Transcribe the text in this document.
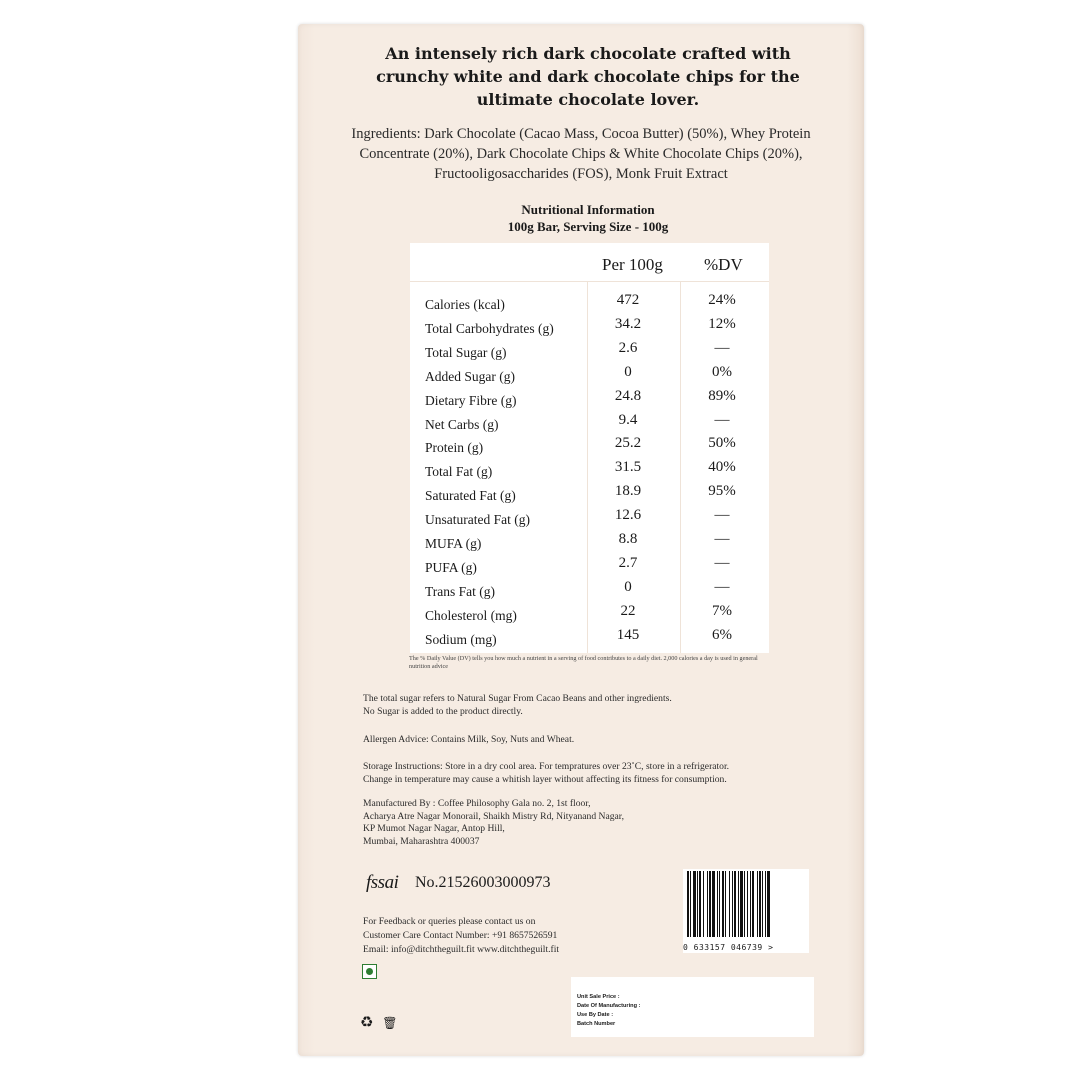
An intensely rich dark chocolate crafted with crunchy white and dark chocolate chips for the ultimate chocolate lover.
Ingredients: Dark Chocolate (Cacao Mass, Cocoa Butter) (50%), Whey Protein Concentrate (20%), Dark Chocolate Chips & White Chocolate Chips (20%), Fructooligosaccharides (FOS), Monk Fruit Extract
Nutritional Information
100g Bar, Serving Size - 100g
Per 100g %DV
Calories (kcal)	472	24%
Total Carbohydrates (g)	34.2	12%
Total Sugar (g)	2.6	—
Added Sugar (g)	0	0%
Dietary Fibre (g)	24.8	89%
Net Carbs (g)	9.4	—
Protein (g)	25.2	50%
Total Fat (g)	31.5	40%
Saturated Fat (g)	18.9	95%
Unsaturated Fat (g)	12.6	—
MUFA (g)	8.8	—
PUFA (g)	2.7	—
Trans Fat (g)	0	—
Cholesterol (mg)	22	7%
Sodium (mg)	145	6%
The % Daily Value (DV) tells you how much a nutrient in a serving of food contributes to a daily diet. 2,000 calories a day is used in general nutrition advice
The total sugar refers to Natural Sugar From Cacao Beans and other ingredients.
No Sugar is added to the product directly.
Allergen Advice: Contains Milk, Soy, Nuts and Wheat.
Storage Instructions: Store in a dry cool area. For tempratures over 23˚C, store in a refrigerator.
Change in temperature may cause a whitish layer without affecting its fitness for consumption.
Manufactured By : Coffee Philosophy Gala no. 2, 1st floor,
Acharya Atre Nagar Monorail, Shaikh Mistry Rd, Nityanand Nagar,
KP Mumot Nagar Nagar, Antop Hill,
Mumbai, Maharashtra 400037
fssai No.21526003000973
For Feedback or queries please contact us on
Customer Care Contact Number: +91 8657526591
Email: info@ditchtheguilt.fit www.ditchtheguilt.fit	0 633157 046739 >
♻ 🗑
Unit Sale Price :
Date Of Manufacturing :
Use By Date :
Batch Number
